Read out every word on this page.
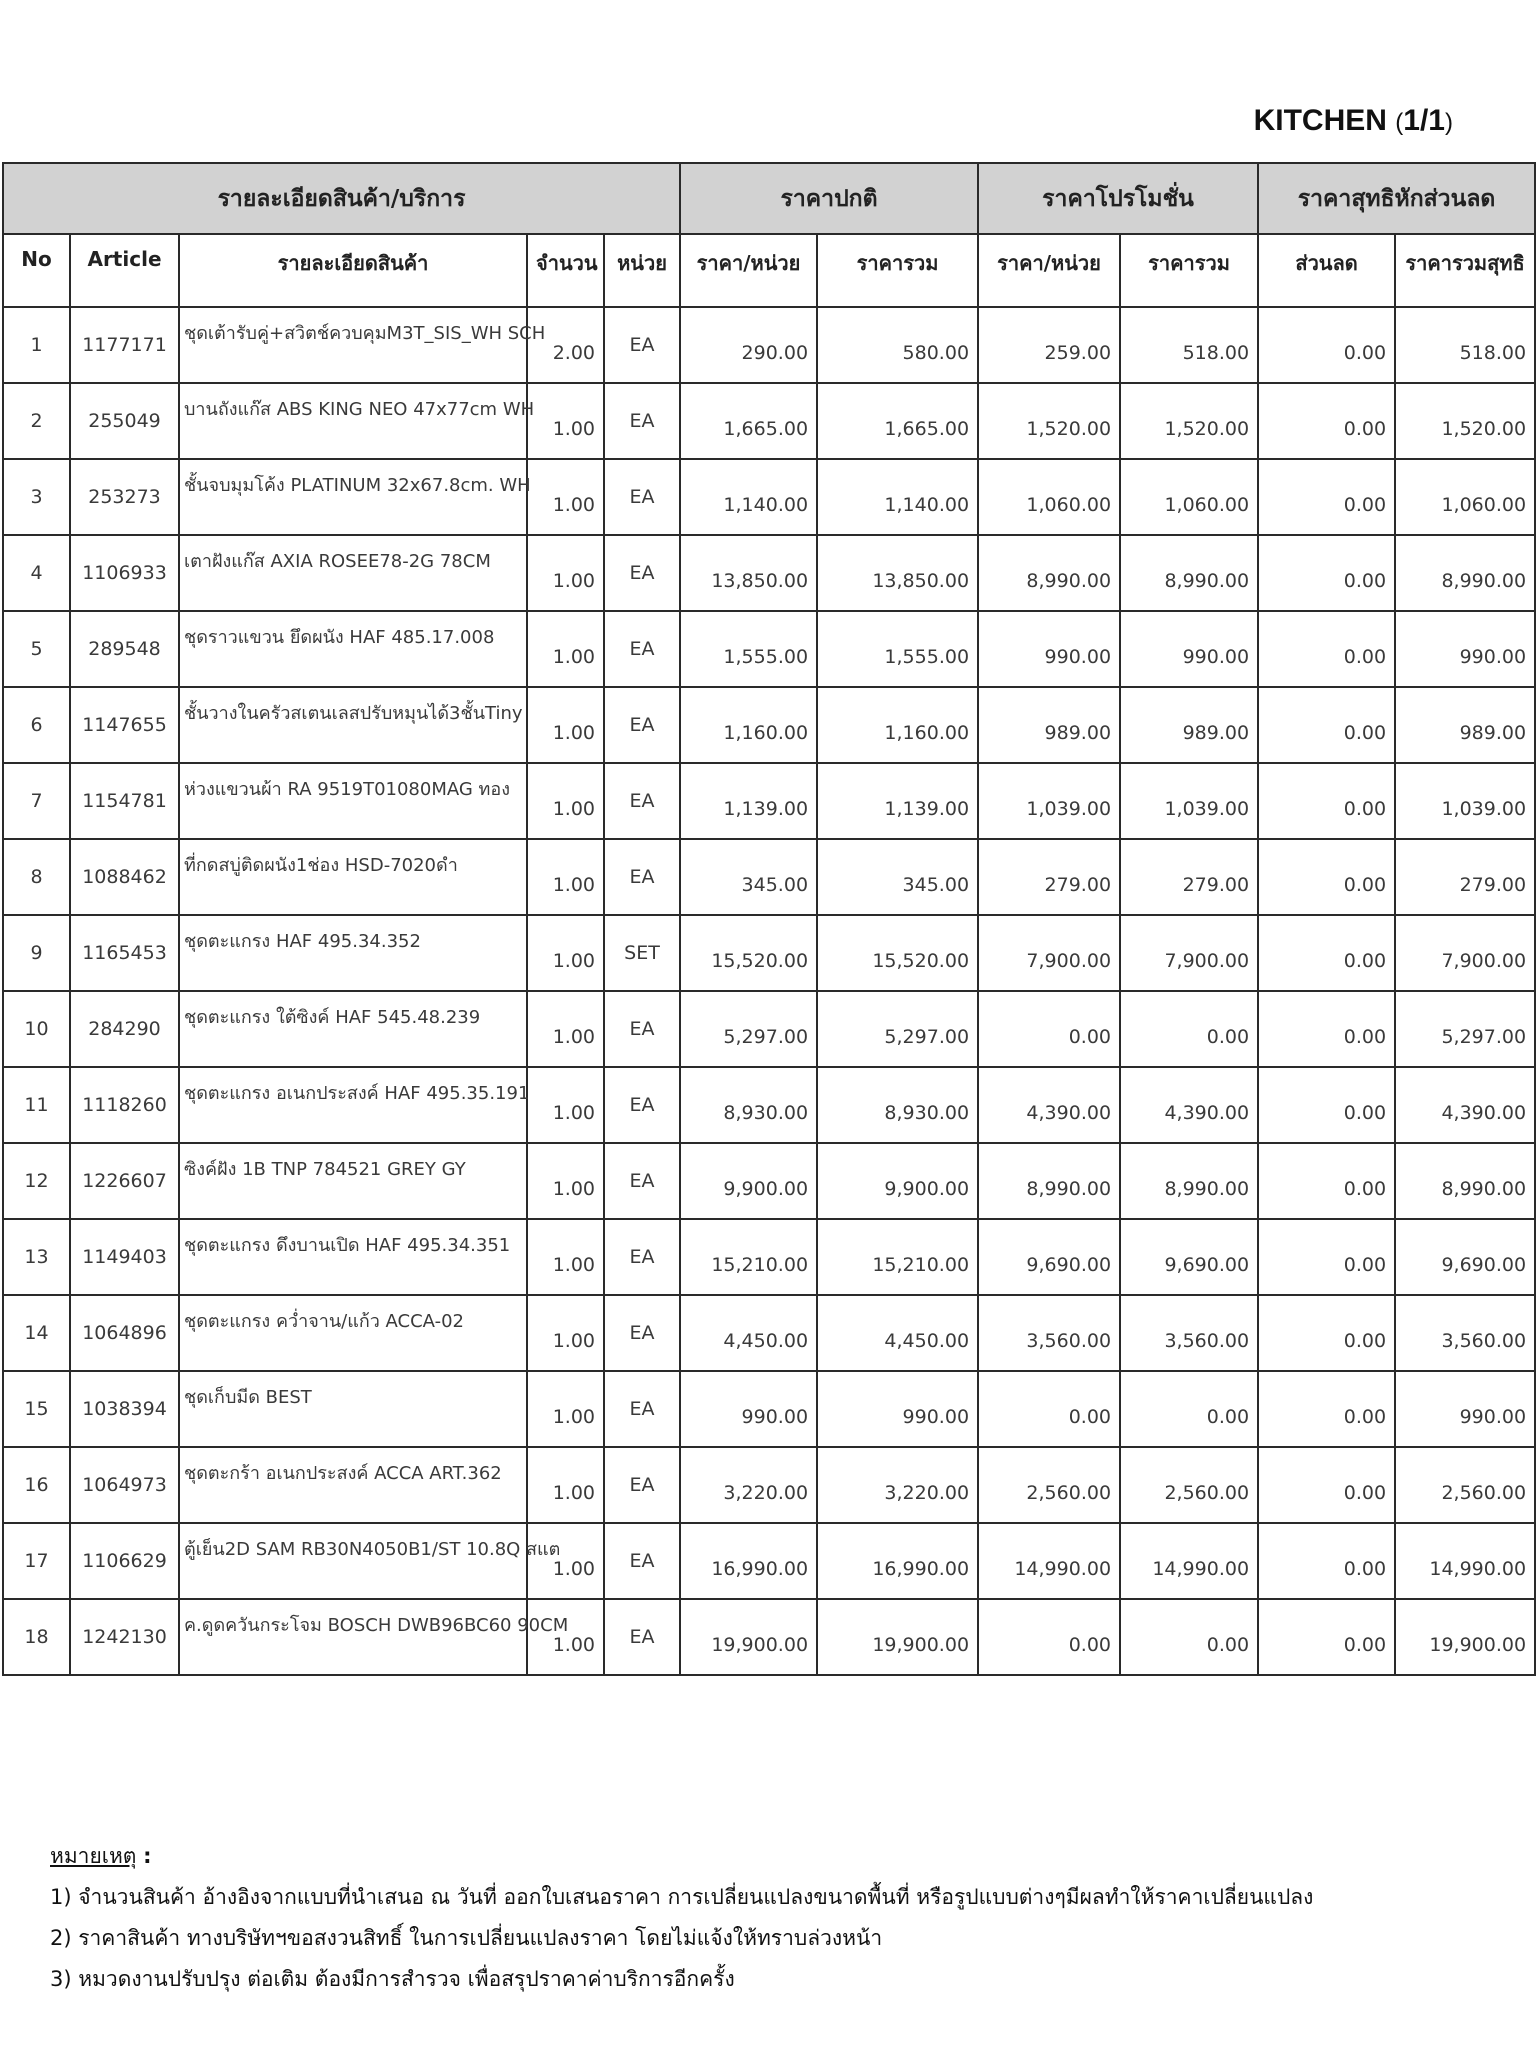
KITCHEN (1/1)
รายละเอียดสินค้า/บริการ					ราคาปกติ		ราคาโปรโมชั่น		ราคาสุทธิหักส่วนลด	
No	Article	รายละเอียดสินค้า	จำนวน	หน่วย	ราคา/หน่วย	ราคารวม	ราคา/หน่วย	ราคารวม	ส่วนลด	ราคารวมสุทธิ
1	1177171	ชุดเต้ารับคู่+สวิตช์ควบคุมM3T_SIS_WH SCH	2.00	EA	290.00	580.00	259.00	518.00	0.00	518.00
2	255049	บานถังแก๊ส ABS KING NEO 47x77cm WH	1.00	EA	1,665.00	1,665.00	1,520.00	1,520.00	0.00	1,520.00
3	253273	ชั้นจบมุมโค้ง PLATINUM 32x67.8cm. WH	1.00	EA	1,140.00	1,140.00	1,060.00	1,060.00	0.00	1,060.00
4	1106933	เตาฝังแก๊ส AXIA ROSEE78-2G 78CM	1.00	EA	13,850.00	13,850.00	8,990.00	8,990.00	0.00	8,990.00
5	289548	ชุดราวแขวน ยึดผนัง HAF 485.17.008	1.00	EA	1,555.00	1,555.00	990.00	990.00	0.00	990.00
6	1147655	ชั้นวางในครัวสเตนเลสปรับหมุนได้3ชั้นTiny	1.00	EA	1,160.00	1,160.00	989.00	989.00	0.00	989.00
7	1154781	ห่วงแขวนผ้า RA 9519T01080MAG ทอง	1.00	EA	1,139.00	1,139.00	1,039.00	1,039.00	0.00	1,039.00
8	1088462	ที่กดสบู่ติดผนัง1ช่อง HSD-7020ดำ	1.00	EA	345.00	345.00	279.00	279.00	0.00	279.00
9	1165453	ชุดตะแกรง HAF 495.34.352	1.00	SET	15,520.00	15,520.00	7,900.00	7,900.00	0.00	7,900.00
10	284290	ชุดตะแกรง ใต้ซิงค์ HAF 545.48.239	1.00	EA	5,297.00	5,297.00	0.00	0.00	0.00	5,297.00
11	1118260	ชุดตะแกรง อเนกประสงค์ HAF 495.35.191	1.00	EA	8,930.00	8,930.00	4,390.00	4,390.00	0.00	4,390.00
12	1226607	ซิงค์ฝัง 1B TNP 784521 GREY GY	1.00	EA	9,900.00	9,900.00	8,990.00	8,990.00	0.00	8,990.00
13	1149403	ชุดตะแกรง ดึงบานเปิด HAF 495.34.351	1.00	EA	15,210.00	15,210.00	9,690.00	9,690.00	0.00	9,690.00
14	1064896	ชุดตะแกรง คว่ำจาน/แก้ว ACCA-02	1.00	EA	4,450.00	4,450.00	3,560.00	3,560.00	0.00	3,560.00
15	1038394	ชุดเก็บมีด BEST	1.00	EA	990.00	990.00	0.00	0.00	0.00	990.00
16	1064973	ชุดตะกร้า อเนกประสงค์ ACCA ART.362	1.00	EA	3,220.00	3,220.00	2,560.00	2,560.00	0.00	2,560.00
17	1106629	ตู้เย็น2D SAM RB30N4050B1/ST 10.8Q สแต	1.00	EA	16,990.00	16,990.00	14,990.00	14,990.00	0.00	14,990.00
18	1242130	ค.ดูดควันกระโจม BOSCH DWB96BC60 90CM	1.00	EA	19,900.00	19,900.00	0.00	0.00	0.00	19,900.00
หมายเหตุ :
1) จำนวนสินค้า อ้างอิงจากแบบที่นำเสนอ ณ วันที่ ออกใบเสนอราคา การเปลี่ยนแปลงขนาดพื้นที่ หรือรูปแบบต่างๆมีผลทำให้ราคาเปลี่ยนแปลง
2) ราคาสินค้า ทางบริษัทฯขอสงวนสิทธิ์ ในการเปลี่ยนแปลงราคา โดยไม่แจ้งให้ทราบล่วงหน้า
3) หมวดงานปรับปรุง ต่อเติม ต้องมีการสำรวจ เพื่อสรุปราคาค่าบริการอีกครั้ง
